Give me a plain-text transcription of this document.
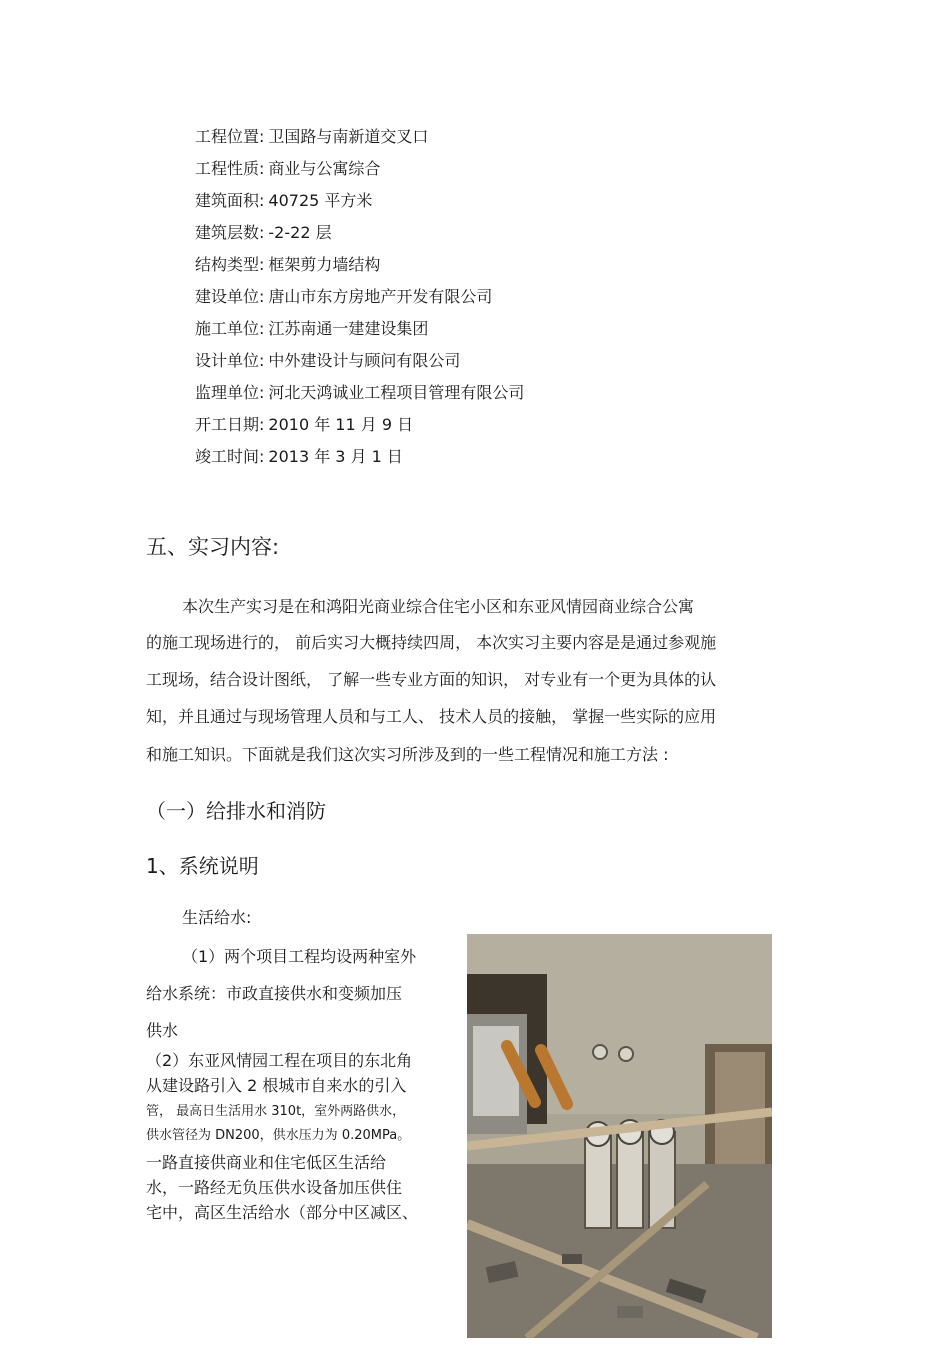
工程位置: 卫国路与南新道交叉口
工程性质: 商业与公寓综合
建筑面积: 40725 平方米
建筑层数: -2-22 层
结构类型: 框架剪力墙结构
建设单位: 唐山市东方房地产开发有限公司
施工单位: 江苏南通一建建设集团
设计单位: 中外建设计与顾问有限公司
监理单位: 河北天鸿诚业工程项目管理有限公司
开工日期: 2010 年 11 月 9 日
竣工时间: 2013 年 3 月 1 日
五、实习内容:
本次生产实习是在和鸿阳光商业综合住宅小区和东亚风情园商业综合公寓
的施工现场进行的， 前后实习大概持续四周， 本次实习主要内容是是通过参观施
工现场，结合设计图纸， 了解一些专业方面的知识， 对专业有一个更为具体的认
知，并且通过与现场管理人员和与工人、 技术人员的接触， 掌握一些实际的应用
和施工知识。下面就是我们这次实习所涉及到的一些工程情况和施工方法 :
（一）给排水和消防
1、系统说明
生活给水:
（1）两个项目工程均设两种室外
给水系统：市政直接供水和变频加压
供水
（2）东亚风情园工程在项目的东北角
从建设路引入 2 根城市自来水的引入
管， 最高日生活用水 310t，室外两路供水，
供水管径为 DN200，供水压力为 0.20MPa。
一路直接供商业和住宅低区生活给
水，一路经无负压供水设备加压供住
宅中，高区生活给水（部分中区减区、
